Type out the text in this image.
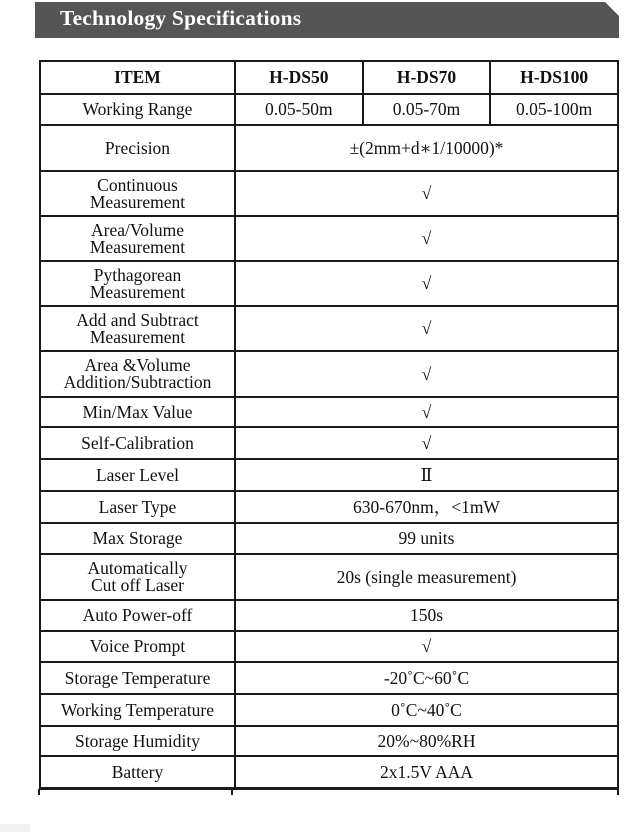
Technology Specifications
ITEM	H-DS50	H-DS70	H-DS100
Working Range	0.05-50m	0.05-70m	0.05-100m
Precision	±(2mm+d∗1/10000)*		
Continuous
Measurement	√		
Area/Volume
Measurement	√		
Pythagorean
Measurement	√		
Add and Subtract
Measurement	√		
Area &Volume
Addition/Subtraction	√		
Min/Max Value	√		
Self-Calibration	√		
Laser Level	Ⅱ		
Laser Type	630-670nm，<1mW		
Max Storage	99 units		
Automatically
Cut off Laser	20s (single measurement)		
Auto Power-off	150s		
Voice Prompt	√		
Storage Temperature	-20˚C~60˚C		
Working Temperature	0˚C~40˚C		
Storage Humidity	20%~80%RH		
Battery	2x1.5V AAA		
